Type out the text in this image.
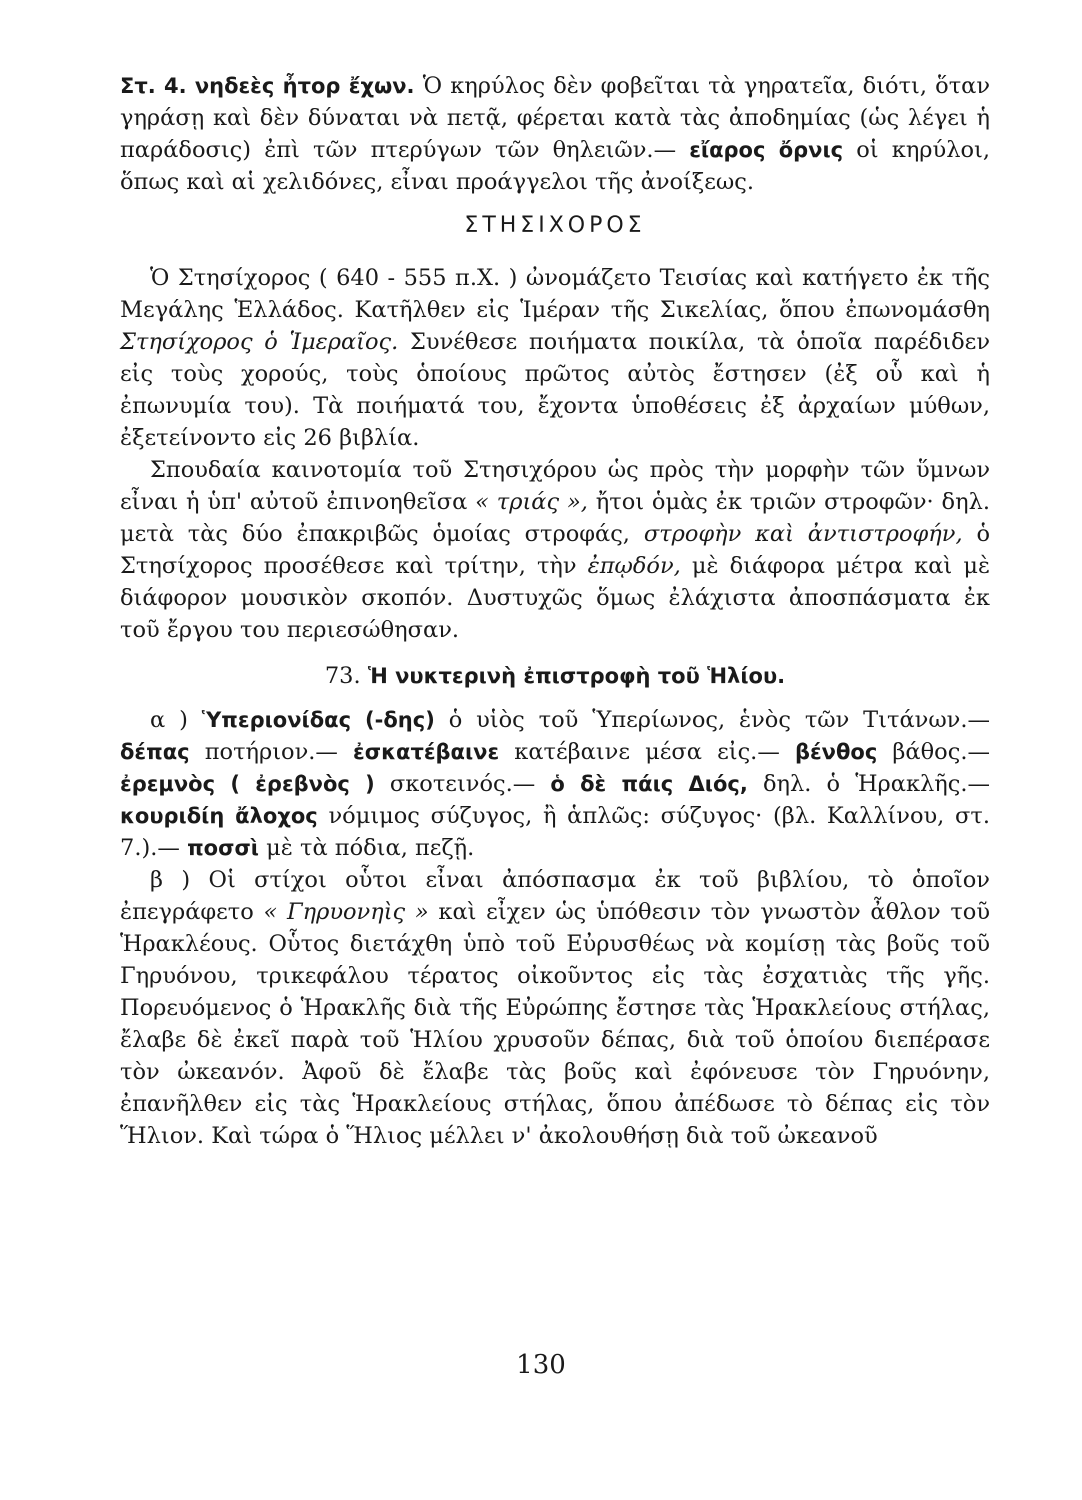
Στ. 4. νηδεὲς ἦτορ ἔχων. Ὁ κηρύλος δὲν φοβεῖται τὰ γηρατεῖα, διότι, ὅταν γηράσῃ καὶ δὲν δύναται νὰ πετᾷ, φέρεται κατὰ τὰς ἀποδημίας (ὡς λέγει ἡ παράδοσις) ἐπὶ τῶν πτερύγων τῶν θηλειῶν.— εἴαρος ὄρνις οἱ κηρύλοι, ὅπως καὶ αἱ χελιδόνες, εἶναι προάγγελοι τῆς ἀνοίξεως.

ΣΤΗΣΙΧΟΡΟΣ

Ὁ Στησίχορος ( 640 - 555 π.Χ. ) ὠνομάζετο Τεισίας καὶ κατήγετο ἐκ τῆς Μεγάλης Ἑλλάδος. Κατῆλθεν εἰς Ἱμέραν τῆς Σικελίας, ὅπου ἐπωνομάσθη Στησίχορος ὁ Ἱμεραῖος. Συνέθεσε ποιήματα ποικίλα, τὰ ὁποῖα παρέδιδεν εἰς τοὺς χορούς, τοὺς ὁποίους πρῶτος αὐτὸς ἔστησεν (ἐξ οὗ καὶ ἡ ἐπωνυμία του). Τὰ ποιήματά του, ἔχοντα ὑποθέσεις ἐξ ἀρχαίων μύθων, ἐξετείνοντο εἰς 26 βιβλία.

Σπουδαία καινοτομία τοῦ Στησιχόρου ὡς πρὸς τὴν μορφὴν τῶν ὕμνων εἶναι ἡ ὑπ' αὐτοῦ ἐπινοηθεῖσα « τριάς », ἤτοι ὁμὰς ἐκ τριῶν στροφῶν· δηλ. μετὰ τὰς δύο ἐπακριβῶς ὁμοίας στροφάς, στροφὴν καὶ ἀντιστροφήν, ὁ Στησίχορος προσέθεσε καὶ τρίτην, τὴν ἐπῳδόν, μὲ διάφορα μέτρα καὶ μὲ διάφορον μουσικὸν σκοπόν. Δυστυχῶς ὅμως ἐλάχιστα ἀποσπάσματα ἐκ τοῦ ἔργου του περιεσώθησαν.

73. Ἡ νυκτερινὴ ἐπιστροφὴ τοῦ Ἡλίου.

α ) Ὑπεριονίδας (-δης) ὁ υἱὸς τοῦ Ὑπερίωνος, ἑνὸς τῶν Τιτάνων.— δέπας ποτήριον.— ἐσκατέβαινε κατέβαινε μέσα εἰς.— βένθος βάθος.— ἐρεμνὸς ( ἐρεβνὸς ) σκοτεινός.— ὁ δὲ πάις Διός, δηλ. ὁ Ἡρακλῆς.— κουριδίη ἄλοχος νόμιμος σύζυγος, ἢ ἁπλῶς: σύζυγος· (βλ. Καλλίνου, στ. 7.).— ποσσὶ μὲ τὰ πόδια, πεζῇ.

β ) Οἱ στίχοι οὗτοι εἶναι ἀπόσπασμα ἐκ τοῦ βιβλίου, τὸ ὁποῖον ἐπεγράφετο « Γηρυονηὶς » καὶ εἶχεν ὡς ὑπόθεσιν τὸν γνωστὸν ἆθλον τοῦ Ἡρακλέους. Οὗτος διετάχθη ὑπὸ τοῦ Εὐρυσθέως νὰ κομίσῃ τὰς βοῦς τοῦ Γηρυόνου, τρικεφάλου τέρατος οἰκοῦντος εἰς τὰς ἐσχατιὰς τῆς γῆς. Πορευόμενος ὁ Ἡρακλῆς διὰ τῆς Εὐρώπης ἔστησε τὰς Ἡρακλείους στήλας, ἔλαβε δὲ ἐκεῖ παρὰ τοῦ Ἡλίου χρυσοῦν δέπας, διὰ τοῦ ὁποίου διεπέρασε τὸν ὠκεανόν. Ἀφοῦ δὲ ἔλαβε τὰς βοῦς καὶ ἐφόνευσε τὸν Γηρυόνην, ἐπανῆλθεν εἰς τὰς Ἡρακλείους στήλας, ὅπου ἀπέδωσε τὸ δέπας εἰς τὸν Ἥλιον. Καὶ τώρα ὁ Ἥλιος μέλλει ν' ἀκολουθήσῃ διὰ τοῦ ὠκεανοῦ

130
